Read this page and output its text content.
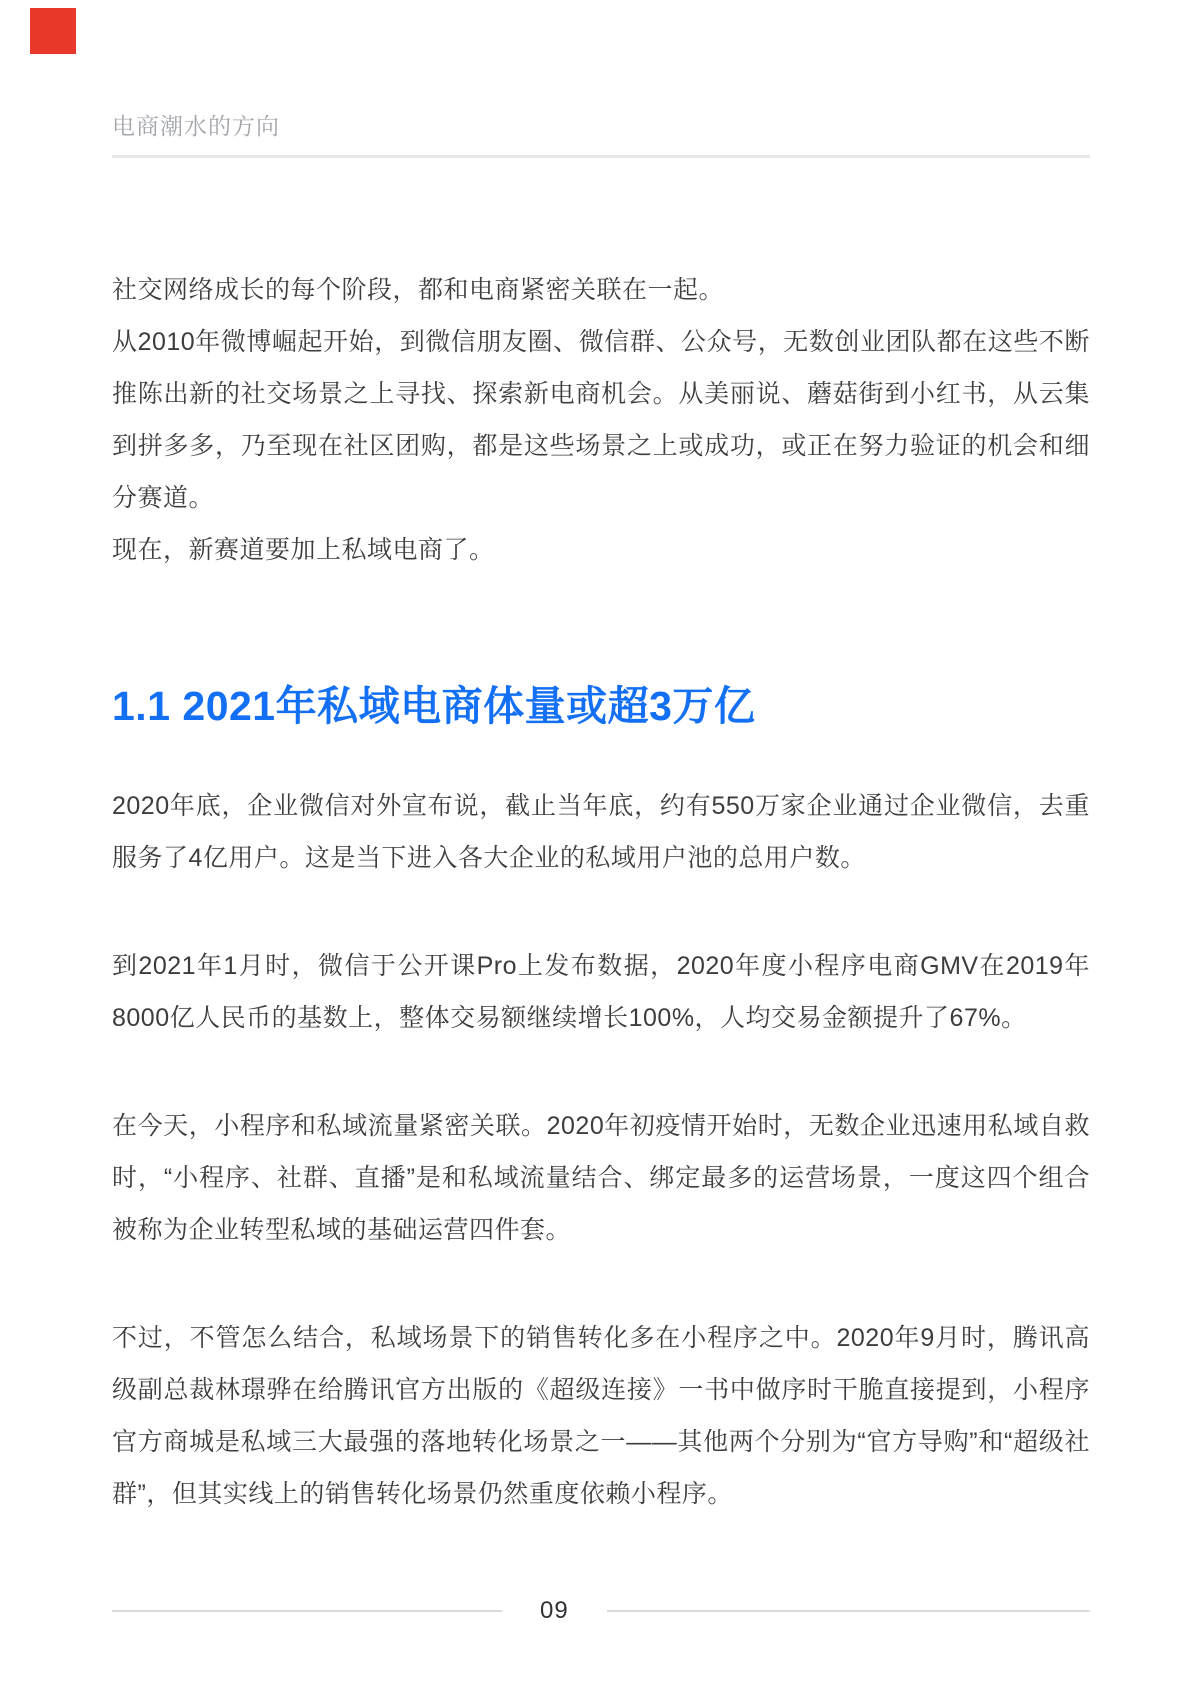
电商潮水的方向

社交网络成长的每个阶段，都和电商紧密关联在一起。

从2010年微博崛起开始，到微信朋友圈、微信群、公众号，无数创业团队都在这些不断推陈出新的社交场景之上寻找、探索新电商机会。从美丽说、蘑菇街到小红书，从云集到拼多多，乃至现在社区团购，都是这些场景之上或成功，或正在努力验证的机会和细分赛道。

现在，新赛道要加上私域电商了。

1.1 2021年私域电商体量或超3万亿

2020年底，企业微信对外宣布说，截止当年底，约有550万家企业通过企业微信，去重服务了4亿用户。这是当下进入各大企业的私域用户池的总用户数。

到2021年1月时，微信于公开课Pro上发布数据，2020年度小程序电商GMV在2019年8000亿人民币的基数上，整体交易额继续增长100%，人均交易金额提升了67%。

在今天，小程序和私域流量紧密关联。2020年初疫情开始时，无数企业迅速用私域自救时，“小程序、社群、直播”是和私域流量结合、绑定最多的运营场景，一度这四个组合被称为企业转型私域的基础运营四件套。

不过，不管怎么结合，私域场景下的销售转化多在小程序之中。2020年9月时，腾讯高级副总裁林璟骅在给腾讯官方出版的《超级连接》一书中做序时干脆直接提到，小程序官方商城是私域三大最强的落地转化场景之一——其他两个分别为“官方导购”和“超级社群”，但其实线上的销售转化场景仍然重度依赖小程序。

09
